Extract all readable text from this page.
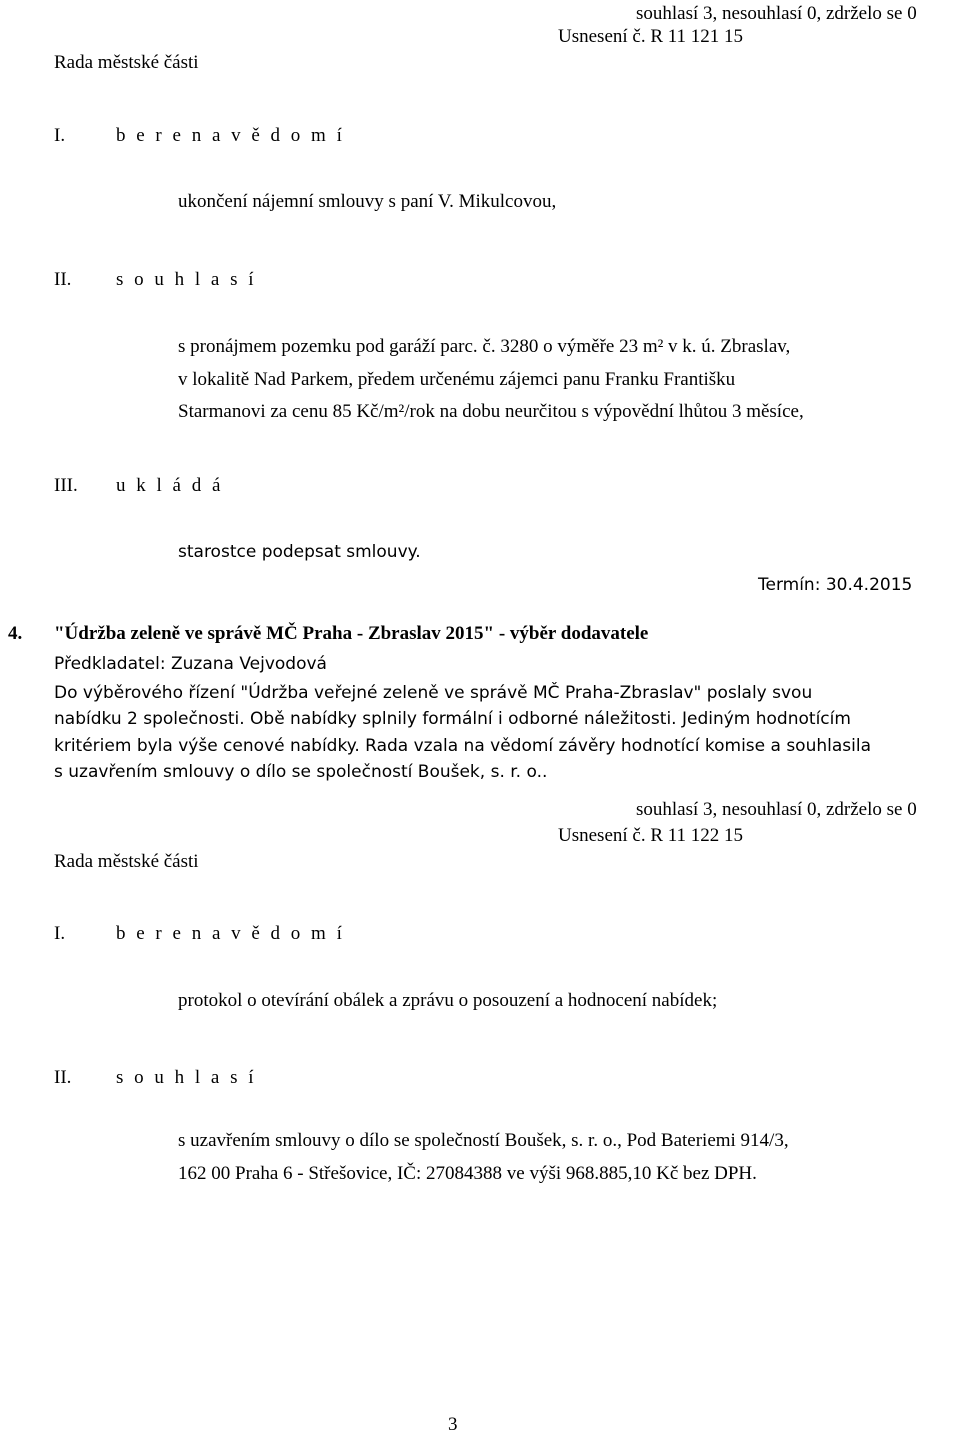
souhlasí 3, nesouhlasí 0, zdrželo se 0

Usnesení č. R 11 121 15

Rada městské části

I.	b e r e n a v ě d o m í

ukončení nájemní smlouvy s paní V. Mikulcovou,

II. s o u h l a s í

s pronájmem pozemku pod garáží parc. č. 3280 o výměře 23 m² v k. ú. Zbraslav,

v lokalitě Nad Parkem, předem určenému zájemci panu Franku Františku

Starmanovi za cenu 85 Kč/m²/rok na dobu neurčitou s výpovědní lhůtou 3 měsíce,

III. u k l á d á

starostce podepsat smlouvy.

Termín: 30.4.2015

4. "Údržba zeleně ve správě MČ Praha - Zbraslav 2015" - výběr dodavatele

Předkladatel: Zuzana Vejvodová

Do výběrového řízení "Údržba veřejné zeleně ve správě MČ Praha-Zbraslav" poslaly svou

nabídku 2 společnosti. Obě nabídky splnily formální i odborné náležitosti. Jediným hodnotícím

kritériem byla výše cenové nabídky. Rada vzala na vědomí závěry hodnotící komise a souhlasila

s uzavřením smlouvy o dílo se společností Boušek, s. r. o..

souhlasí 3, nesouhlasí 0, zdrželo se 0

Usnesení č. R 11 122 15

Rada městské části

I.	b e r e n a v ě d o m í

protokol o otevírání obálek a zprávu o posouzení a hodnocení nabídek;

II. s o u h l a s í

s uzavřením smlouvy o dílo se společností Boušek, s. r. o., Pod Bateriemi 914/3,

162 00 Praha 6 - Střešovice, IČ: 27084388 ve výši 968.885,10 Kč bez DPH.

3
